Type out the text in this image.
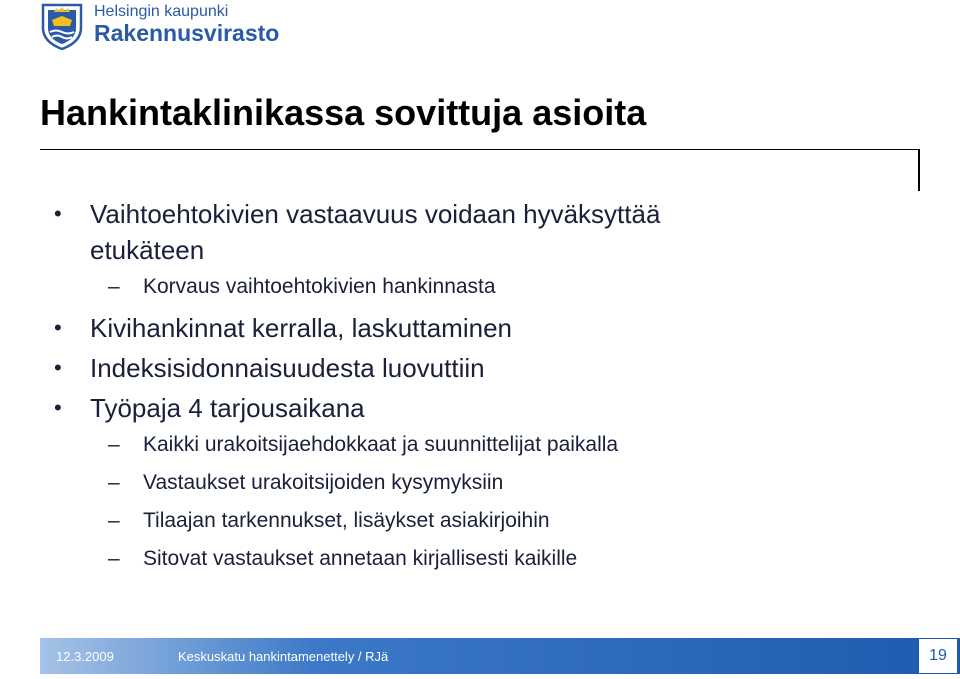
Helsingin kaupunki
Rakennusvirasto
Hankintaklinikassa sovittuja asioita
• Vaihtoehtokivien vastaavuus voidaan hyväksyttää
etukäteen
– Korvaus vaihtoehtokivien hankinnasta
• Kivihankinnat kerralla, laskuttaminen
• Indeksisidonnaisuudesta luovuttiin
• Työpaja 4 tarjousaikana
– Kaikki urakoitsijaehdokkaat ja suunnittelijat paikalla
– Vastaukset urakoitsijoiden kysymyksiin
– Tilaajan tarkennukset, lisäykset asiakirjoihin
– Sitovat vastaukset annetaan kirjallisesti kaikille
12.3.2009	Keskuskatu hankintamenettely / RJä	19
